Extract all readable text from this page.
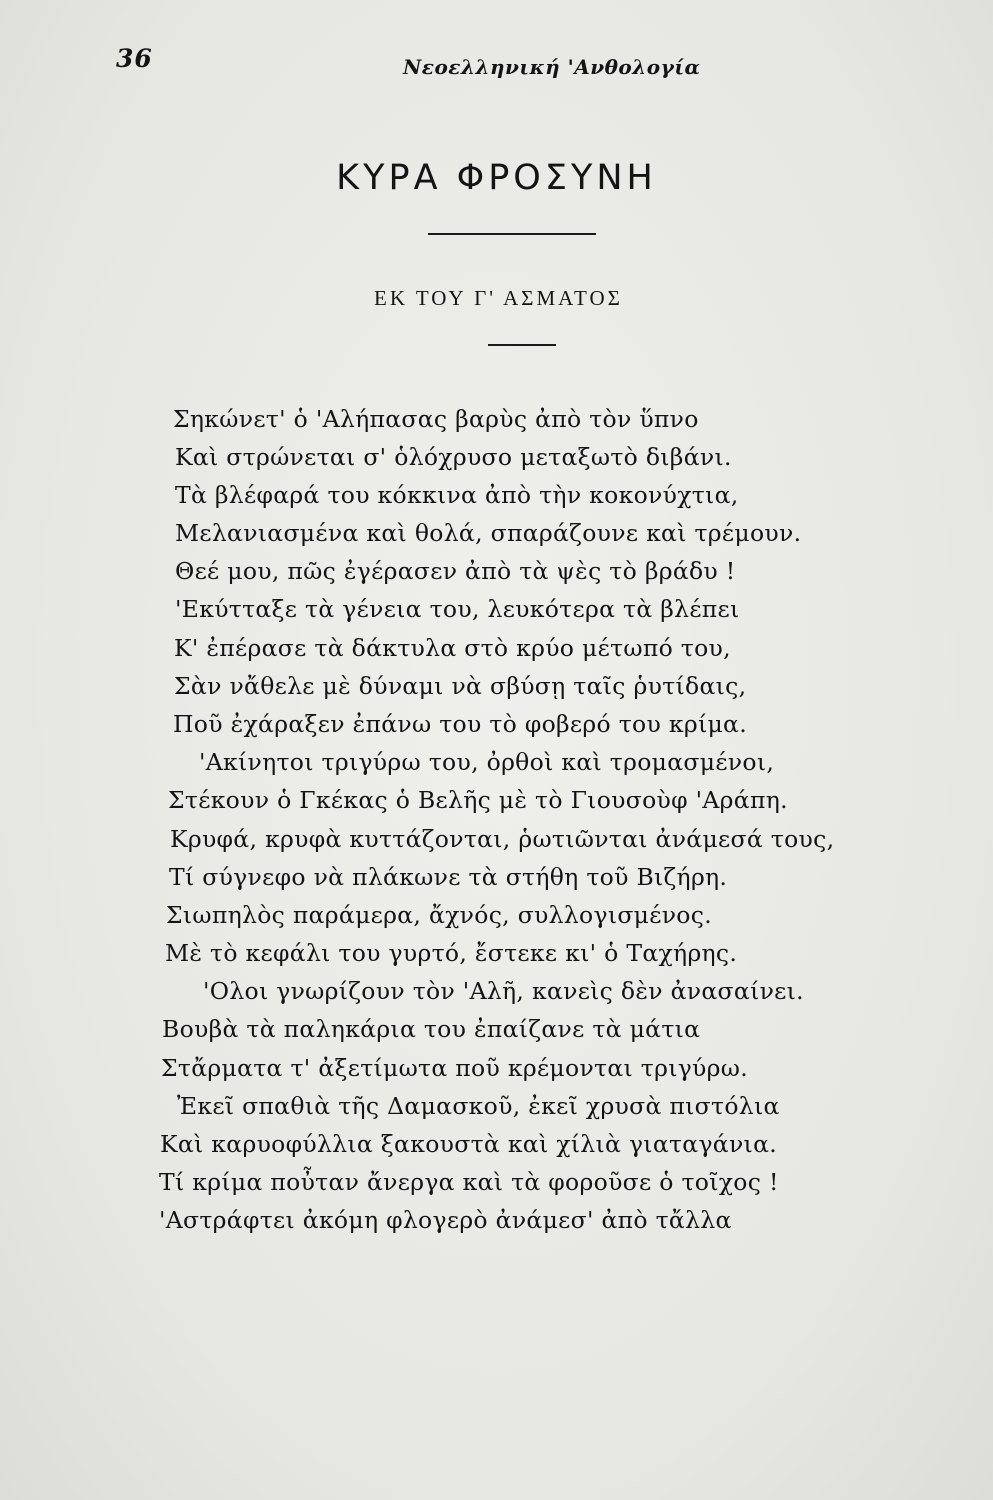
36	Νεοελληνική 'Ανθολογία
ΚΥΡΑ ΦΡΟΣΥΝΗ
ΕΚ ΤΟΥ Γ' ΑΣΜΑΤΟΣ
Σηκώνετ' ὁ 'Αλήπασας βαρὺς ἀπὸ τὸν ὕπνο
Καὶ στρώνεται σ' ὁλόχρυσο μεταξωτὸ διβάνι.
Τὰ βλέφαρά του κόκκινα ἀπὸ τὴν κοκονύχτια,
Μελανιασμένα καὶ θολά, σπαράζουνε καὶ τρέμουν.
Θεέ μου, πῶς ἐγέρασεν ἀπὸ τὰ ψὲς τὸ βράδυ !
'Εκύτταξε τὰ γένεια του, λευκότερα τὰ βλέπει
Κ' ἐπέρασε τὰ δάκτυλα στὸ κρύο μέτωπό του,
Σὰν νἄθελε μὲ δύναμι νὰ σβύσῃ ταῖς ῥυτίδαις,
Ποῦ ἐχάραξεν ἐπάνω του τὸ φοβερό του κρίμα.
'Ακίνητοι τριγύρω του, ὀρθοὶ καὶ τρομασμένοι,
Στέκουν ὁ Γκέκας ὁ Βελῆς μὲ τὸ Γιουσοὺφ 'Αράπη.
Κρυφά, κρυφὰ κυττάζονται, ῥωτιῶνται ἀνάμεσά τους,
Τί σύγνεφο νὰ πλάκωνε τὰ στήθη τοῦ Βιζήρη.
Σιωπηλὸς παράμερα, ἄχνός, συλλογισμένος.
Μὲ τὸ κεφάλι του γυρτό, ἔστεκε κι' ὁ Ταχήρης.
'Ολοι γνωρίζουν τὸν 'Αλῆ, κανεὶς δὲν ἀνασαίνει.
Βουβὰ τὰ παληκάρια του ἐπαίζανε τὰ μάτια
Στἄρματα τ' ἀξετίμωτα ποῦ κρέμονται τριγύρω.
Ἐκεῖ σπαθιὰ τῆς Δαμασκοῦ, ἐκεῖ χρυσὰ πιστόλια
Καὶ καρυοφύλλια ξακουστὰ καὶ χίλιὰ γιαταγάνια.
Τί κρίμα ποὖταν ἄνεργα καὶ τὰ φοροῦσε ὁ τοῖχος !
'Αστράφτει ἀκόμη φλογερὸ ἀνάμεσ' ἀπὸ τἄλλα
